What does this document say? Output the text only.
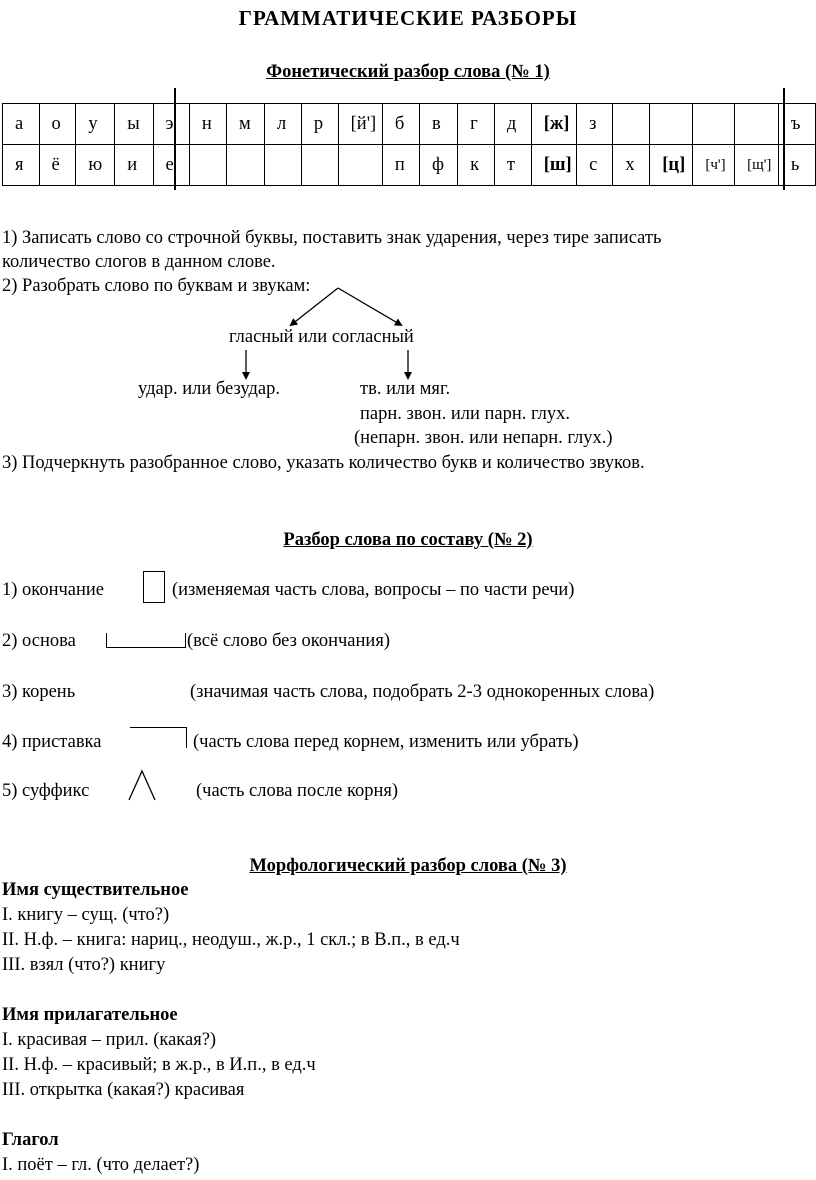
ГРАММАТИЧЕСКИЕ РАЗБОРЫ
Фонетический разбор слова (№ 1)
а	о	у	ы	э	н	м	л	р	[й']	б	в	г	д	[ж]	з					ъ
я	ё	ю	и	е						п	ф	к	т	[ш]	с	х	[ц]	[ч']	[щ']	ь
1) Записать слово со строчной буквы, поставить знак ударения, через тире записать
количество слогов в данном слове.
2) Разобрать слово по буквам и звукам:
гласный или согласный
удар. или безудар.	тв. или мяг.
парн. звон. или парн. глух.
(непарн. звон. или непарн. глух.)
3) Подчеркнуть разобранное слово, указать количество букв и количество звуков.
Разбор слова по составу (№ 2)
1) окончание	(изменяемая часть слова, вопросы – по части речи)
2) основа	(всё слово без окончания)
3) корень	(значимая часть слова, подобрать 2-3 однокоренных слова)
4) приставка	(часть слова перед корнем, изменить или убрать)
5) суффикс	(часть слова после корня)
Морфологический разбор слова (№ 3)
Имя существительное
I. книгу – сущ. (что?)
II. Н.ф. – книга: нариц., неодуш., ж.р., 1 скл.; в В.п., в ед.ч
III. взял (что?) книгу
Имя прилагательное
I. красивая – прил. (какая?)
II. Н.ф. – красивый; в ж.р., в И.п., в ед.ч
III. открытка (какая?) красивая
Глагол
I. поёт – гл. (что делает?)
